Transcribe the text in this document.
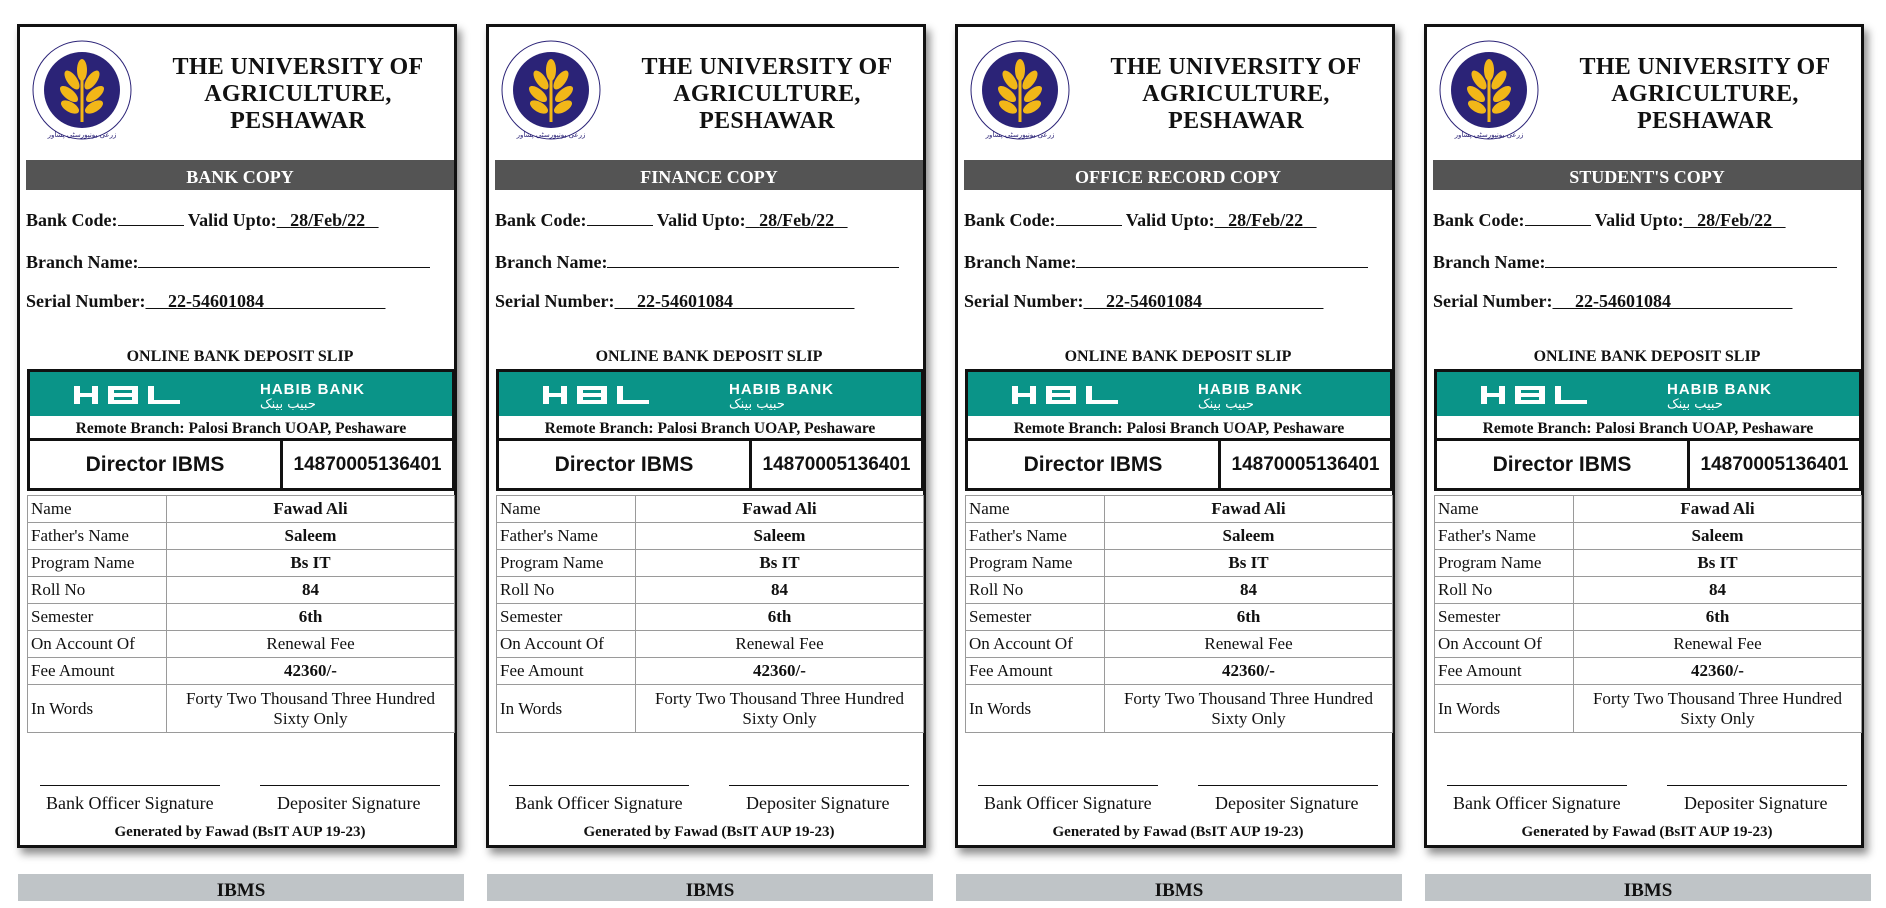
زرعی یونیورسٹی پشاور
THE UNIVERSITY OF
AGRICULTURE, PESHAWAR
BANK COPY
Bank Code:	Valid Upto: 28/Feb/22
Branch Name:
Serial Number: 22-54601084
ONLINE BANK DEPOSIT SLIP
HABIB BANK
حبیب بینک
Remote Branch: Palosi Branch UOAP, Peshaware
Director IBMS	14870005136401
Name	Fawad Ali
Father's Name	Saleem
Program Name	Bs IT
Roll No	84
Semester	6th
On Account Of	Renewal Fee
Fee Amount	42360/-
In Words	Forty Two Thousand Three Hundred Sixty Only
Bank Officer Signature	Depositer Signature
Generated by Fawad (BsIT AUP 19-23)
IBMS
زرعی یونیورسٹی پشاور
THE UNIVERSITY OF
AGRICULTURE, PESHAWAR
FINANCE COPY
Bank Code:	Valid Upto: 28/Feb/22
Branch Name:
Serial Number: 22-54601084
ONLINE BANK DEPOSIT SLIP
HABIB BANK
حبیب بینک
Remote Branch: Palosi Branch UOAP, Peshaware
Director IBMS	14870005136401
Name	Fawad Ali
Father's Name	Saleem
Program Name	Bs IT
Roll No	84
Semester	6th
On Account Of	Renewal Fee
Fee Amount	42360/-
In Words	Forty Two Thousand Three Hundred Sixty Only
Bank Officer Signature	Depositer Signature
Generated by Fawad (BsIT AUP 19-23)
IBMS
زرعی یونیورسٹی پشاور
THE UNIVERSITY OF
AGRICULTURE, PESHAWAR
OFFICE RECORD COPY
Bank Code:	Valid Upto: 28/Feb/22
Branch Name:
Serial Number: 22-54601084
ONLINE BANK DEPOSIT SLIP
HABIB BANK
حبیب بینک
Remote Branch: Palosi Branch UOAP, Peshaware
Director IBMS	14870005136401
Name	Fawad Ali
Father's Name	Saleem
Program Name	Bs IT
Roll No	84
Semester	6th
On Account Of	Renewal Fee
Fee Amount	42360/-
In Words	Forty Two Thousand Three Hundred Sixty Only
Bank Officer Signature	Depositer Signature
Generated by Fawad (BsIT AUP 19-23)
IBMS
زرعی یونیورسٹی پشاور
THE UNIVERSITY OF
AGRICULTURE, PESHAWAR
STUDENT'S COPY
Bank Code:	Valid Upto: 28/Feb/22
Branch Name:
Serial Number: 22-54601084
ONLINE BANK DEPOSIT SLIP
HABIB BANK
حبیب بینک
Remote Branch: Palosi Branch UOAP, Peshaware
Director IBMS	14870005136401
Name	Fawad Ali
Father's Name	Saleem
Program Name	Bs IT
Roll No	84
Semester	6th
On Account Of	Renewal Fee
Fee Amount	42360/-
In Words	Forty Two Thousand Three Hundred Sixty Only
Bank Officer Signature	Depositer Signature
Generated by Fawad (BsIT AUP 19-23)
IBMS
